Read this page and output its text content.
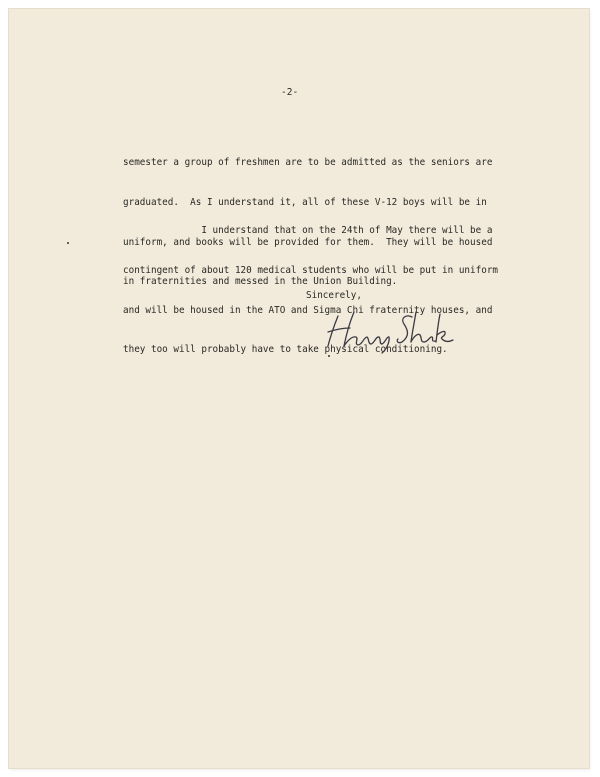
-2-

semester a group of freshmen are to be admitted as the seniors are

graduated.  As I understand it, all of these V-12 boys will be in

uniform, and books will be provided for them.  They will be housed

in fraternities and messed in the Union Building.

I understand that on the 24th of May there will be a

contingent of about 120 medical students who will be put in uniform

and will be housed in the ATO and Sigma Chi fraternity houses, and

they too will probably have to take physical conditioning.

Sincerely,
